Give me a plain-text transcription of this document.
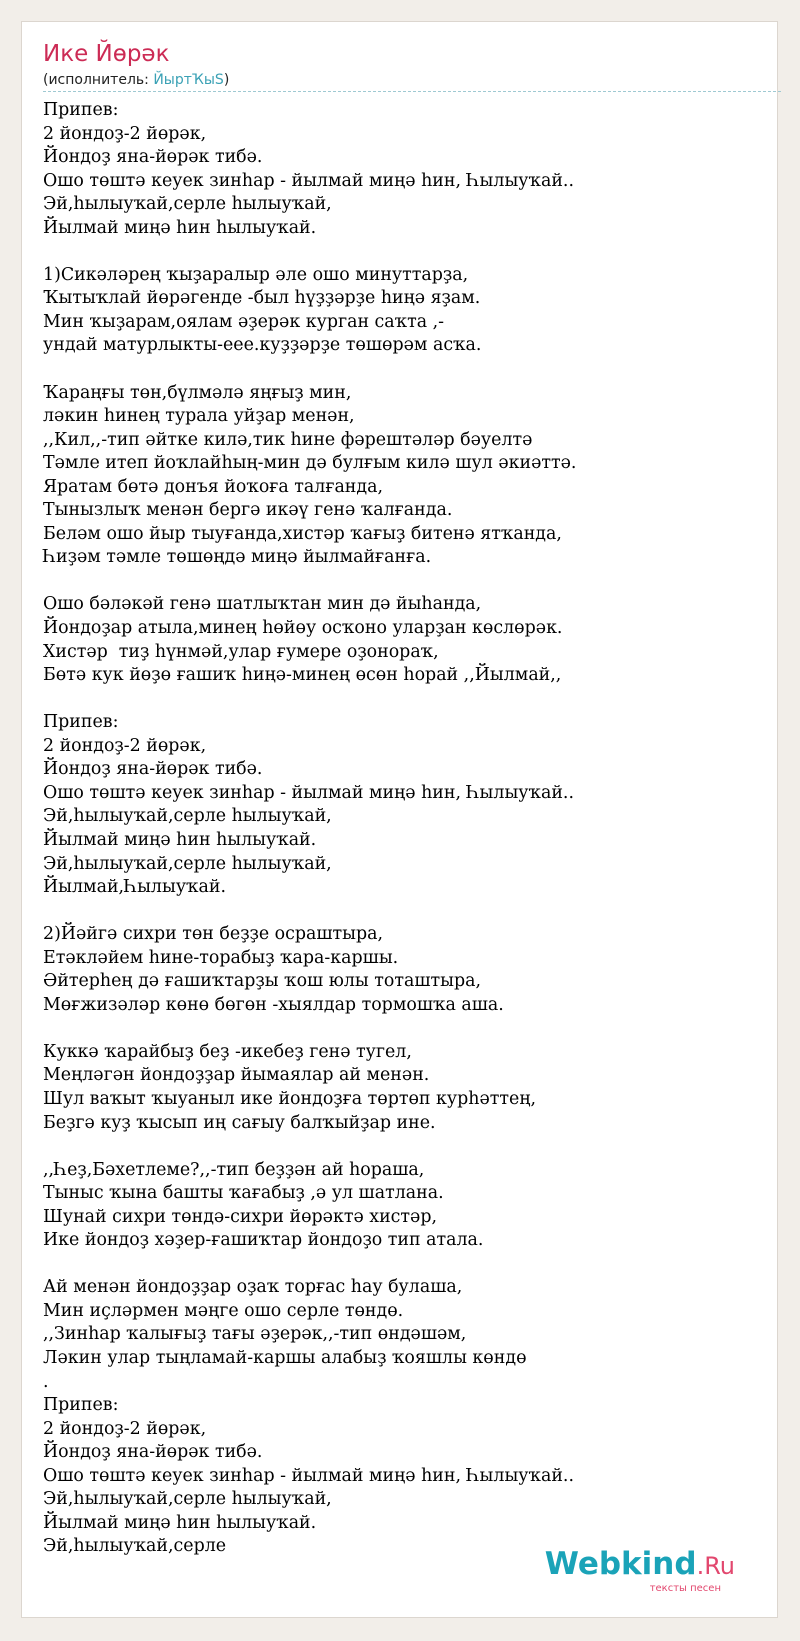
Ике Йөрәк
(исполнитель: ЙыртҠыS)
Припев:
2 йондоҙ-2 йөрәк,
Йондоҙ яна-йөрәк тибә.
Ошо төштә кеуек зинһар - йылмай миңә һин, Һылыуҡай..
Эй,һылыуҡай,серле һылыуҡай,
Йылмай миңә һин һылыуҡай.
1)Сикәләрең ҡыҙаралыр әле ошо минуттарҙа,
Ҡытыҡлай йөрәгенде -был һүҙҙәрҙе һиңә яҙам.
Мин ҡыҙарам,оялам әҙерәк курган саҡта ,-
ундай матурлыкты-еее.куҙҙәрҙе төшөрәм асҡа.
Ҡараңғы төн,бүлмәлә яңғыҙ мин,
ләкин һинең турала уйҙар менән,
,,Кил,,-тип әйтке килә,тик һине фәрештәләр бәуелтә
Тәмле итеп йоҡлайһың-мин дә булғым килә шул әкиәттә.
Яратам бөтә донъя йоҡоға талғанда,
Тынызлыҡ менән бергә икәү генә ҡалғанда.
Беләм ошо йыр тыуғанда,хистәр ҡағыҙ битенә ятҡанда,
Һиҙәм тәмле төшөңдә миңә йылмайғанға.
Ошо бәләкәй генә шатлыҡтан мин дә йыһанда,
Йондоҙар атыла,минең һөйөу осҡоно уларҙан көслөрәк.
Хистәр  тиҙ һүнмәй,улар ғумере оҙонораҡ,
Бөтә кук йөҙө ғашиҡ һиңә-минең өсөн һорай ,,Йылмай,,
Припев:
2 йондоҙ-2 йөрәк,
Йондоҙ яна-йөрәк тибә.
Ошо төштә кеуек зинһар - йылмай миңә һин, Һылыуҡай..
Эй,һылыуҡай,серле һылыуҡай,
Йылмай миңә һин һылыуҡай.
Эй,һылыуҡай,серле һылыуҡай,
Йылмай,Һылыуҡай.
2)Йәйгә сихри төн беҙҙе осраштыра,
Етәкләйем һине-торабыҙ ҡара-каршы.
Әйтерһең дә ғашиҡтарҙы ҡош юлы тоташтыра,
Мөғжизәләр көнө бөгөн -хыялдар тормошҡа аша.
Куккә ҡарайбыҙ беҙ -икебеҙ генә тугел,
Меңләгән йондоҙҙар йымаялар ай менән.
Шул ваҡыт ҡыуаныл ике йондоҙға төртөп курһәттең,
Беҙгә куҙ ҡысып иң сағыу балҡыйҙар ине.
,,Һеҙ,Бәхетлеме?,,-тип беҙҙән ай һораша,
Тыныс ҡына башты ҡағабыҙ ,ә ул шатлана.
Шунай сихри төндә-сихри йөрәктә хистәр,
Ике йондоҙ хәҙер-ғашиҡтар йондоҙо тип атала.
Ай менән йондоҙҙар оҙаҡ торғас һау булаша,
Мин иҫләрмен мәңге ошо серле төндө.
,,Зинһар ҡалығыҙ тағы әҙерәк,,-тип өндәшәм,
Ләкин улар тыңламай-каршы алабыҙ ҡояшлы көндө
.
Припев:
2 йондоҙ-2 йөрәк,
Йондоҙ яна-йөрәк тибә.
Ошо төштә кеуек зинһар - йылмай миңә һин, Һылыуҡай..
Эй,һылыуҡай,серле һылыуҡай,
Йылмай миңә һин һылыуҡай.
Эй,һылыуҡай,серле	Webkind.Ru
тексты песен
